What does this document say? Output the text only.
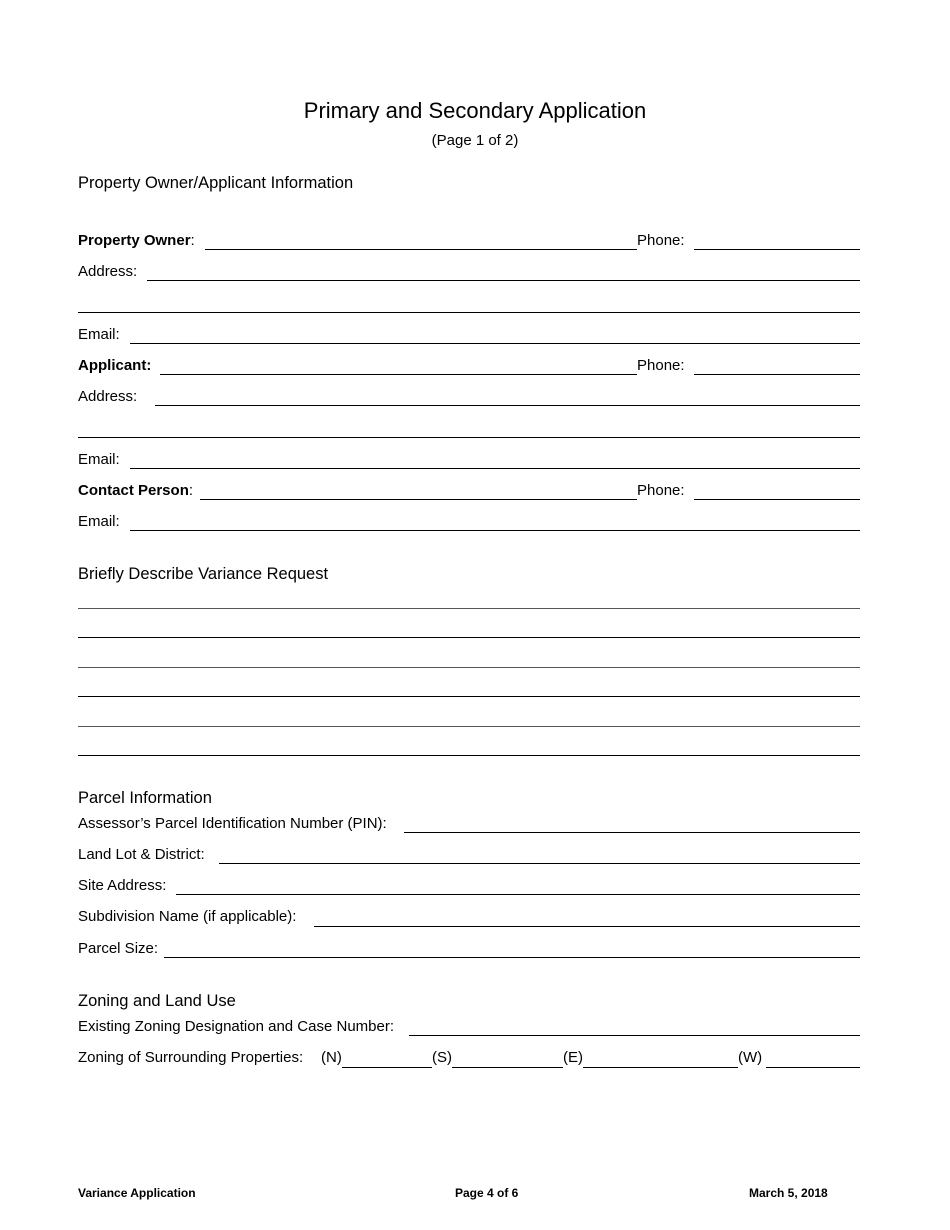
Primary and Secondary Application
(Page 1 of 2)
Property Owner/Applicant Information
Property Owner:	Phone:
Address:
Email:
Applicant:	Phone:
Address:
Email:
Contact Person:	Phone:
Email:
Briefly Describe Variance Request
Parcel Information
Assessor’s Parcel Identification Number (PIN):
Land Lot & District:
Site Address:
Subdivision Name (if applicable):
Parcel Size:
Zoning and Land Use
Existing Zoning Designation and Case Number:
Zoning of Surrounding Properties: (N)	(S)	(E)	(W)
Variance Application	Page 4 of 6	March 5, 2018
